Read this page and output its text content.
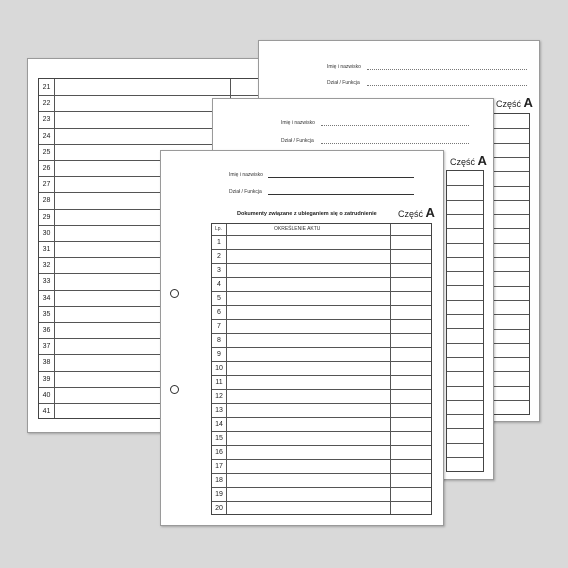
21
22
23
24
25
26
27
28
29
30
31
32
33
34
35
36
37
38
39
40
41
Imię i nazwisko
Dział / Funkcja
Część A
Imię i nazwisko
Dział / Funkcja
Część A
Imię i nazwisko
Dział / Funkcja
Dokumenty związane z ubieganiem się o zatrudnienie Część A
Lp.	OKREŚLENIE AKTU
1
2
3
4
5
6
7
8
9
10
11
12
13
14
15
16
17
18
19
20
